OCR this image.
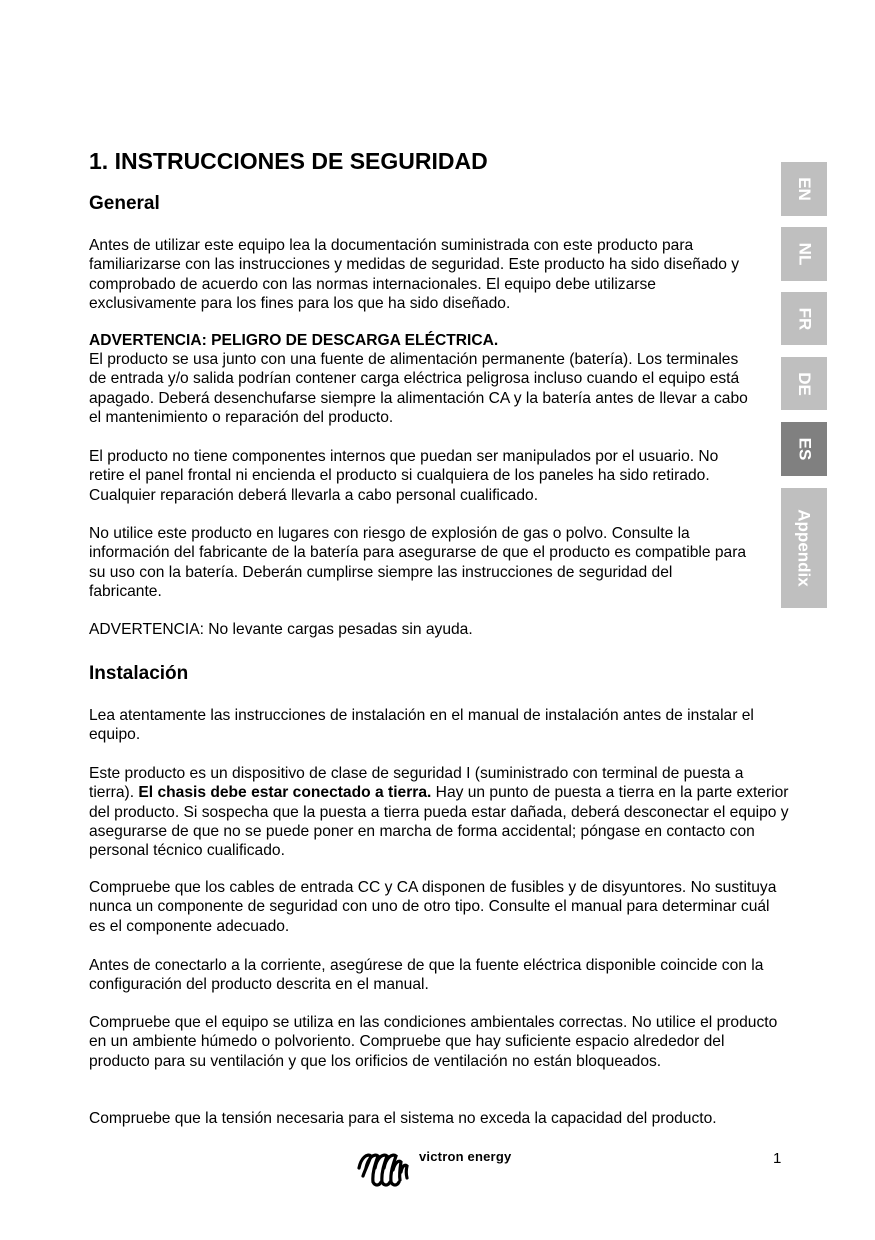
1. INSTRUCCIONES DE SEGURIDAD
General

Antes de utilizar este equipo lea la documentación suministrada con este producto para familiarizarse con las instrucciones y medidas de seguridad. Este producto ha sido diseñado y comprobado de acuerdo con las normas internacionales. El equipo debe utilizarse exclusivamente para los fines para los que ha sido diseñado.

ADVERTENCIA: PELIGRO DE DESCARGA ELÉCTRICA.

El producto se usa junto con una fuente de alimentación permanente (batería). Los terminales de entrada y/o salida podrían contener carga eléctrica peligrosa incluso cuando el equipo está apagado. Deberá desenchufarse siempre la alimentación CA y la batería antes de llevar a cabo el mantenimiento o reparación del producto.

El producto no tiene componentes internos que puedan ser manipulados por el usuario. No retire el panel frontal ni encienda el producto si cualquiera de los paneles ha sido retirado. Cualquier reparación deberá llevarla a cabo personal cualificado.

No utilice este producto en lugares con riesgo de explosión de gas o polvo. Consulte la información del fabricante de la batería para asegurarse de que el producto es compatible para su uso con la batería. Deberán cumplirse siempre las instrucciones de seguridad del fabricante.

ADVERTENCIA: No levante cargas pesadas sin ayuda.

Instalación

Lea atentamente las instrucciones de instalación en el manual de instalación antes de instalar el equipo.

Este producto es un dispositivo de clase de seguridad I (suministrado con terminal de puesta a tierra). El chasis debe estar conectado a tierra. Hay un punto de puesta a tierra en la parte exterior del producto. Si sospecha que la puesta a tierra pueda estar dañada, deberá desconectar el equipo y asegurarse de que no se puede poner en marcha de forma accidental; póngase en contacto con personal técnico cualificado.

Compruebe que los cables de entrada CC y CA disponen de fusibles y de disyuntores. No sustituya nunca un componente de seguridad con uno de otro tipo. Consulte el manual para determinar cuál es el componente adecuado.

Antes de conectarlo a la corriente, asegúrese de que la fuente eléctrica disponible coincide con la configuración del producto descrita en el manual.

Compruebe que el equipo se utiliza en las condiciones ambientales correctas. No utilice el producto en un ambiente húmedo o polvoriento. Compruebe que hay suficiente espacio alrededor del producto para su ventilación y que los orificios de ventilación no están bloqueados.

Compruebe que la tensión necesaria para el sistema no exceda la capacidad del producto.

EN
NL
FR
DE
ES
Appendix
victron energy	1
